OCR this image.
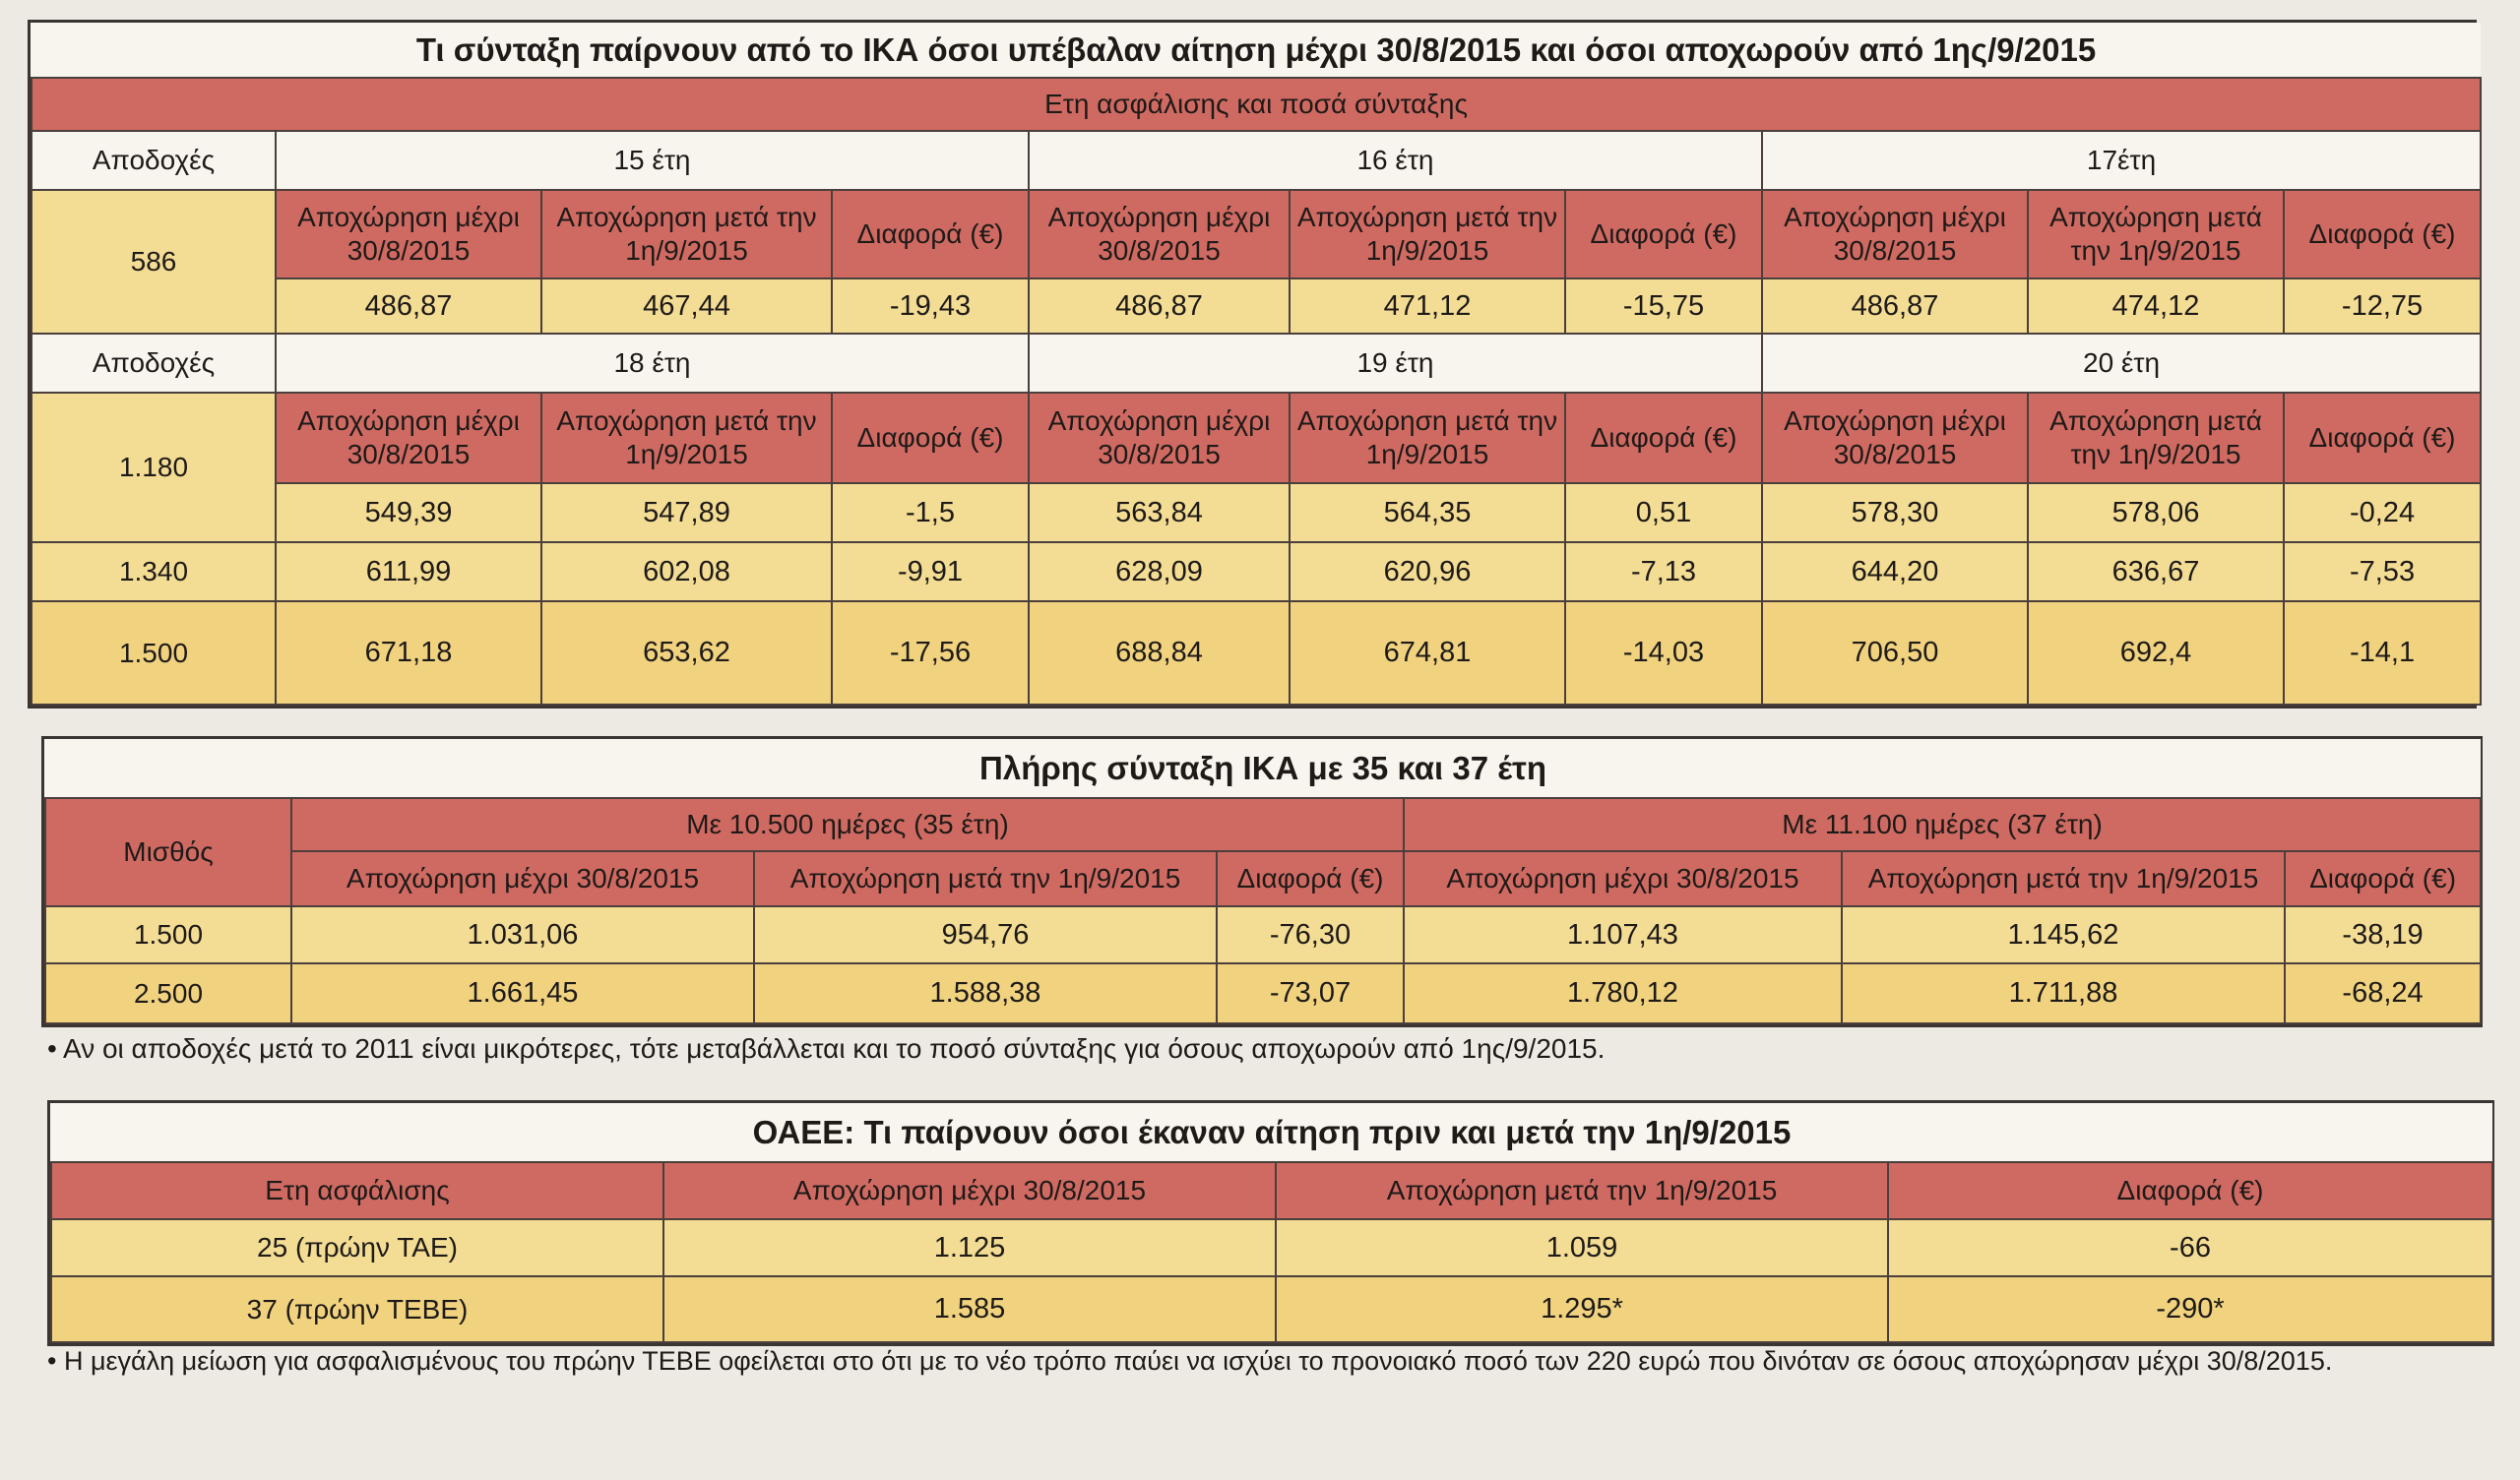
Τι σύνταξη παίρνουν από το ΙΚΑ όσοι υπέβαλαν αίτηση μέχρι 30/8/2015 και όσοι αποχωρούν από 1ης/9/2015									
Ετη ασφάλισης και ποσά σύνταξης									
Αποδοχές	15 έτη			16 έτη			17έτη		
586	Αποχώρηση μέχρι 30/8/2015	Αποχώρηση μετά την 1η/9/2015	Διαφορά (€)	Αποχώρηση μέχρι 30/8/2015	Αποχώρηση μετά την 1η/9/2015	Διαφορά (€)	Αποχώρηση μέχρι 30/8/2015	Αποχώρηση μετά την 1η/9/2015	Διαφορά (€)
	486,87	467,44	-19,43	486,87	471,12	-15,75	486,87	474,12	-12,75
Αποδοχές	18 έτη			19 έτη			20 έτη		
1.180	Αποχώρηση μέχρι 30/8/2015	Αποχώρηση μετά την 1η/9/2015	Διαφορά (€)	Αποχώρηση μέχρι 30/8/2015	Αποχώρηση μετά την 1η/9/2015	Διαφορά (€)	Αποχώρηση μέχρι 30/8/2015	Αποχώρηση μετά την 1η/9/2015	Διαφορά (€)
	549,39	547,89	-1,5	563,84	564,35	0,51	578,30	578,06	-0,24
1.340	611,99	602,08	-9,91	628,09	620,96	-7,13	644,20	636,67	-7,53
1.500	671,18	653,62	-17,56	688,84	674,81	-14,03	706,50	692,4	-14,1
Πλήρης σύνταξη ΙΚΑ με 35 και 37 έτη						
Μισθός	Με 10.500 ημέρες (35 έτη)			Με 11.100 ημέρες (37 έτη)		
	Αποχώρηση μέχρι 30/8/2015	Αποχώρηση μετά την 1η/9/2015	Διαφορά (€)	Αποχώρηση μέχρι 30/8/2015	Αποχώρηση μετά την 1η/9/2015	Διαφορά (€)
1.500	1.031,06	954,76	-76,30	1.107,43	1.145,62	-38,19
2.500	1.661,45	1.588,38	-73,07	1.780,12	1.711,88	-68,24
• Αν οι αποδοχές μετά το 2011 είναι μικρότερες, τότε μεταβάλλεται και το ποσό σύνταξης για όσους αποχωρούν από 1ης/9/2015.
ΟΑΕΕ: Τι παίρνουν όσοι έκαναν αίτηση πριν και μετά την 1η/9/2015			
Ετη ασφάλισης	Αποχώρηση μέχρι 30/8/2015	Αποχώρηση μετά την 1η/9/2015	Διαφορά (€)
25 (πρώην ΤΑΕ)	1.125	1.059	-66
37 (πρώην ΤΕΒΕ)	1.585	1.295*	-290*
• Η μεγάλη μείωση για ασφαλισμένους του πρώην ΤΕΒΕ οφείλεται στο ότι με το νέο τρόπο παύει να ισχύει το προνοιακό ποσό των 220 ευρώ που δινόταν σε όσους αποχώρησαν μέχρι 30/8/2015.
